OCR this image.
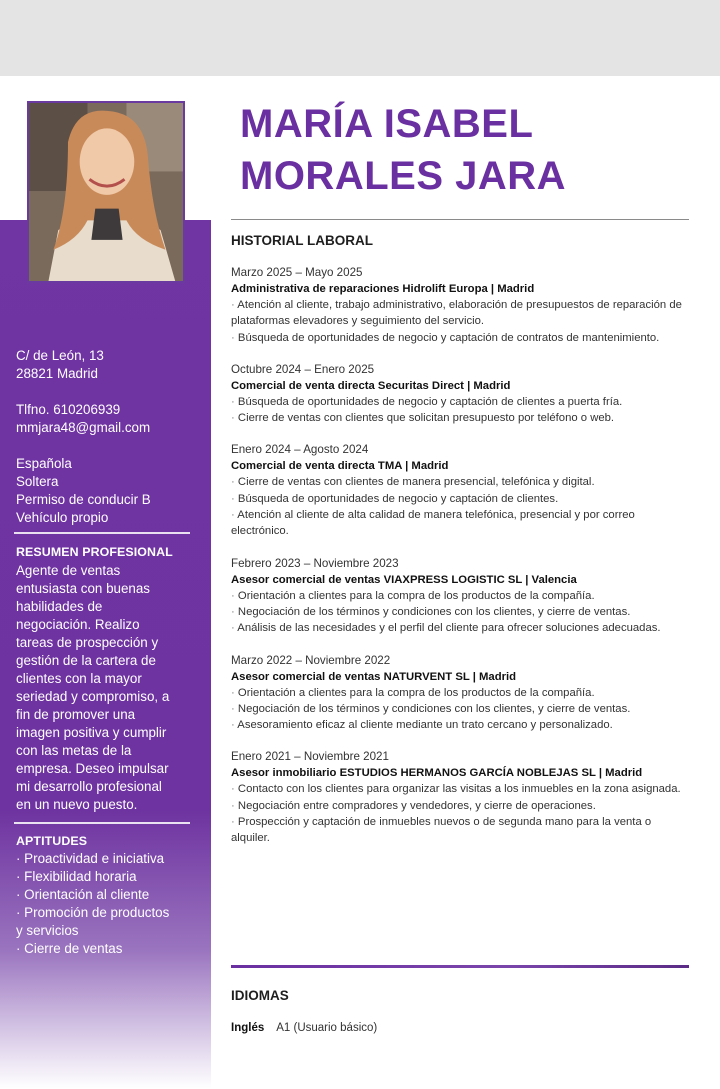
C/ de León, 13
28821 Madrid
Tlfno. 610206939
mmjara48@gmail.com
Española
Soltera
Permiso de conducir B
Vehículo propio
RESUMEN PROFESIONAL
Agente de ventas
entusiasta con buenas
habilidades de
negociación. Realizo
tareas de prospección y
gestión de la cartera de
clientes con la mayor
seriedad y compromiso, a
fin de promover una
imagen positiva y cumplir
con las metas de la
empresa. Deseo impulsar
mi desarrollo profesional
en un nuevo puesto.
APTITUDES
· Proactividad e iniciativa
· Flexibilidad horaria
· Orientación al cliente
· Promoción de productos
y servicios
· Cierre de ventas
MARÍA ISABEL
MORALES JARA
HISTORIAL LABORAL
Marzo 2025 – Mayo 2025
Administrativa de reparaciones Hidrolift Europa | Madrid
· Atención al cliente, trabajo administrativo, elaboración de presupuestos de reparación de plataformas elevadores y seguimiento del servicio.
· Búsqueda de oportunidades de negocio y captación de contratos de mantenimiento.
Octubre 2024 – Enero 2025
Comercial de venta directa Securitas Direct | Madrid
· Búsqueda de oportunidades de negocio y captación de clientes a puerta fría.
· Cierre de ventas con clientes que solicitan presupuesto por teléfono o web.
Enero 2024 – Agosto 2024
Comercial de venta directa TMA | Madrid
· Cierre de ventas con clientes de manera presencial, telefónica y digital.
· Búsqueda de oportunidades de negocio y captación de clientes.
· Atención al cliente de alta calidad de manera telefónica, presencial y por correo electrónico.
Febrero 2023 – Noviembre 2023
Asesor comercial de ventas VIAXPRESS LOGISTIC SL | Valencia
· Orientación a clientes para la compra de los productos de la compañía.
· Negociación de los términos y condiciones con los clientes, y cierre de ventas.
· Análisis de las necesidades y el perfil del cliente para ofrecer soluciones adecuadas.
Marzo 2022 – Noviembre 2022
Asesor comercial de ventas NATURVENT SL | Madrid
· Orientación a clientes para la compra de los productos de la compañía.
· Negociación de los términos y condiciones con los clientes, y cierre de ventas.
· Asesoramiento eficaz al cliente mediante un trato cercano y personalizado.
Enero 2021 – Noviembre 2021
Asesor inmobiliario ESTUDIOS HERMANOS GARCÍA NOBLEJAS SL | Madrid
· Contacto con los clientes para organizar las visitas a los inmuebles en la zona asignada.
· Negociación entre compradores y vendedores, y cierre de operaciones.
· Prospección y captación de inmuebles nuevos o de segunda mano para la venta o alquiler.
IDIOMAS
Inglés A1 (Usuario básico)
